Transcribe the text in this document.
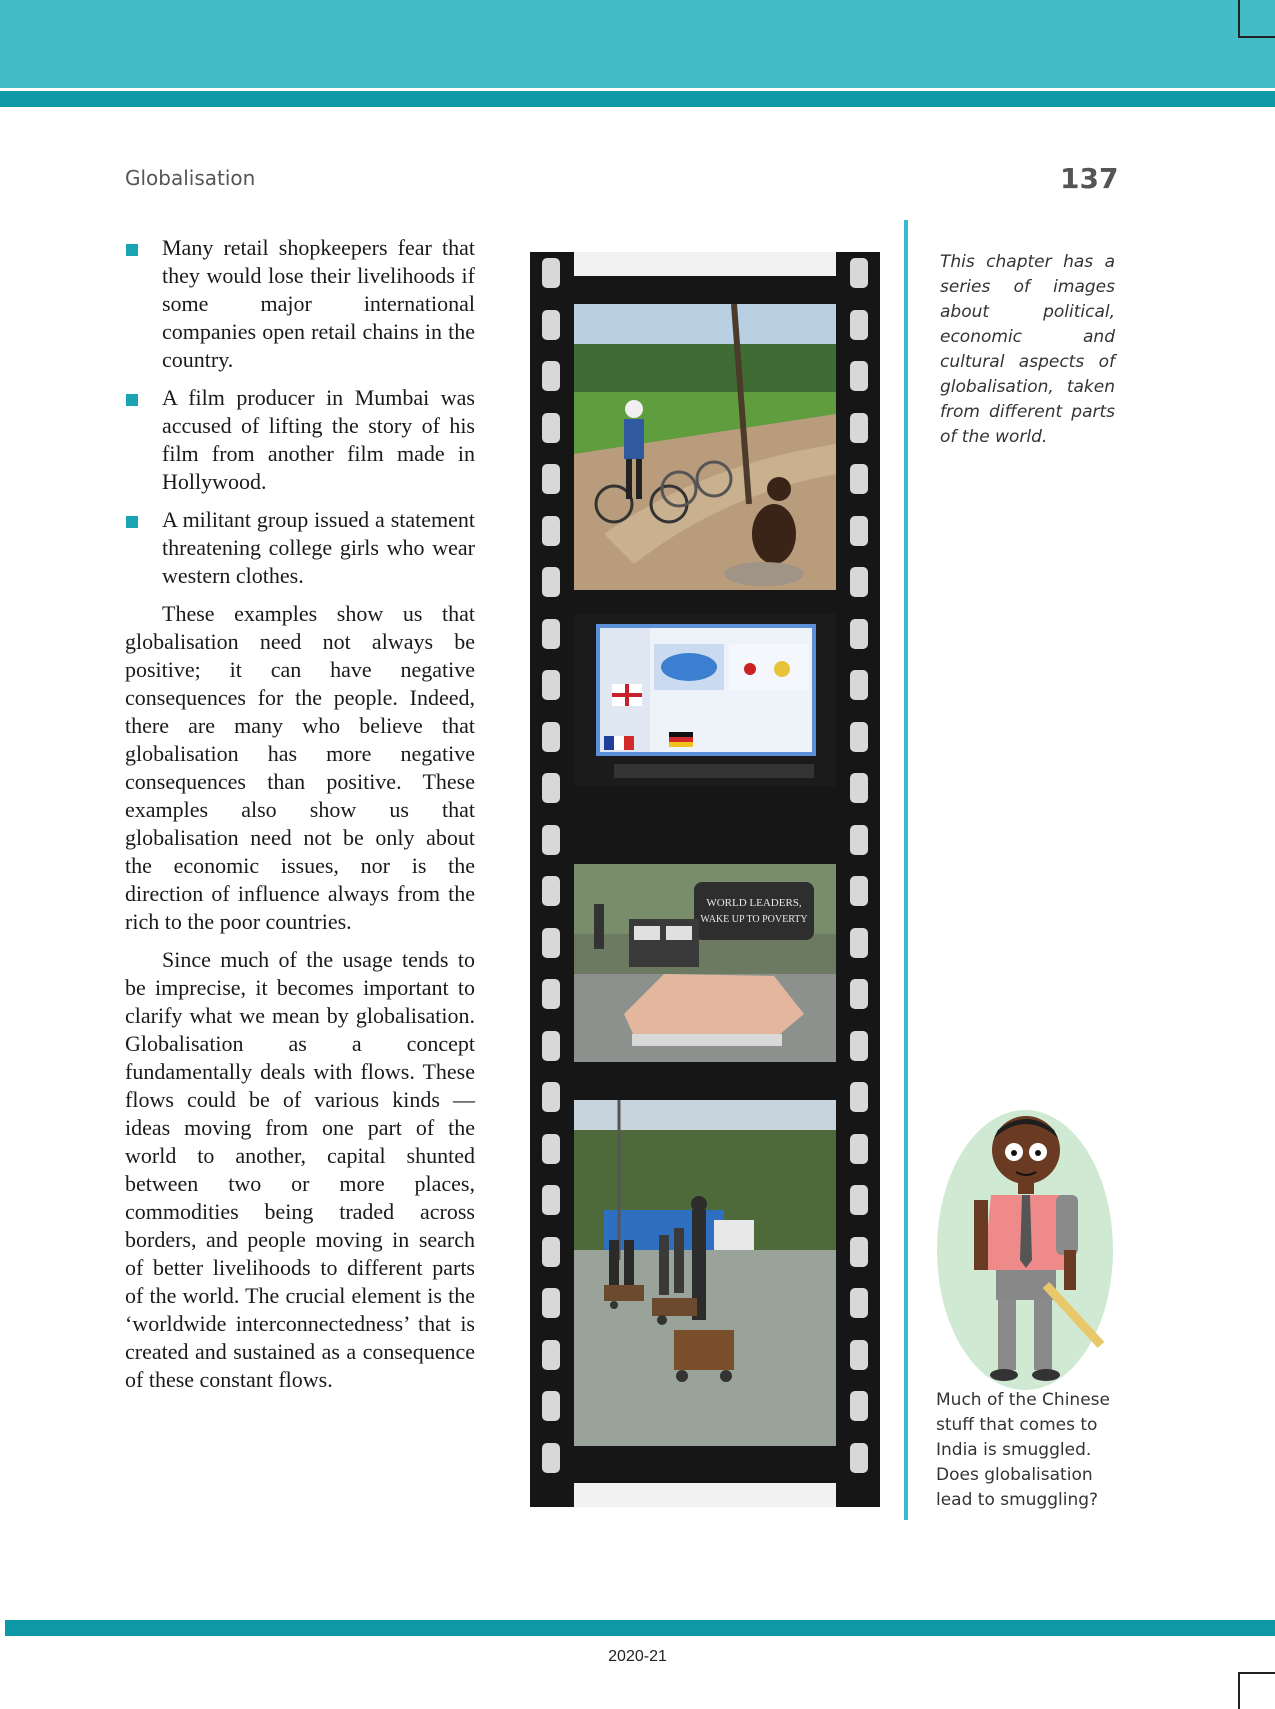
Globalisation	137
Many retail shopkeepers fear that they would lose their livelihoods if some major international companies open retail chains in the country.
A film producer in Mumbai was accused of lifting the story of his film from another film made in Hollywood.
A militant group issued a statement threatening college girls who wear western clothes.

These examples show us that globalisation need not always be positive; it can have negative consequences for the people. Indeed, there are many who believe that globalisation has more negative consequences than positive. These examples also show us that globalisation need not be only about the economic issues, nor is the direction of influence always from the rich to the poor countries.

Since much of the usage tends to be imprecise, it becomes important to clarify what we mean by globalisation. Globalisation as a concept fundamentally deals with flows. These flows could be of various kinds — ideas moving from one part of the world to another, capital shunted between two or more places, commodities being traded across borders, and people moving in search of better livelihoods to different parts of the world. The crucial element is the ‘worldwide interconnectedness’ that is created and sustained as a consequence of these constant flows.

WORLD LEADERS,
WAKE UP TO POVERTY
This chapter has a series of images about political, economic and cultural aspects of globalisation, taken from different parts of the world.
Much of the Chinese stuff that comes to India is smuggled. Does globalisation lead to smuggling?
2020-21
